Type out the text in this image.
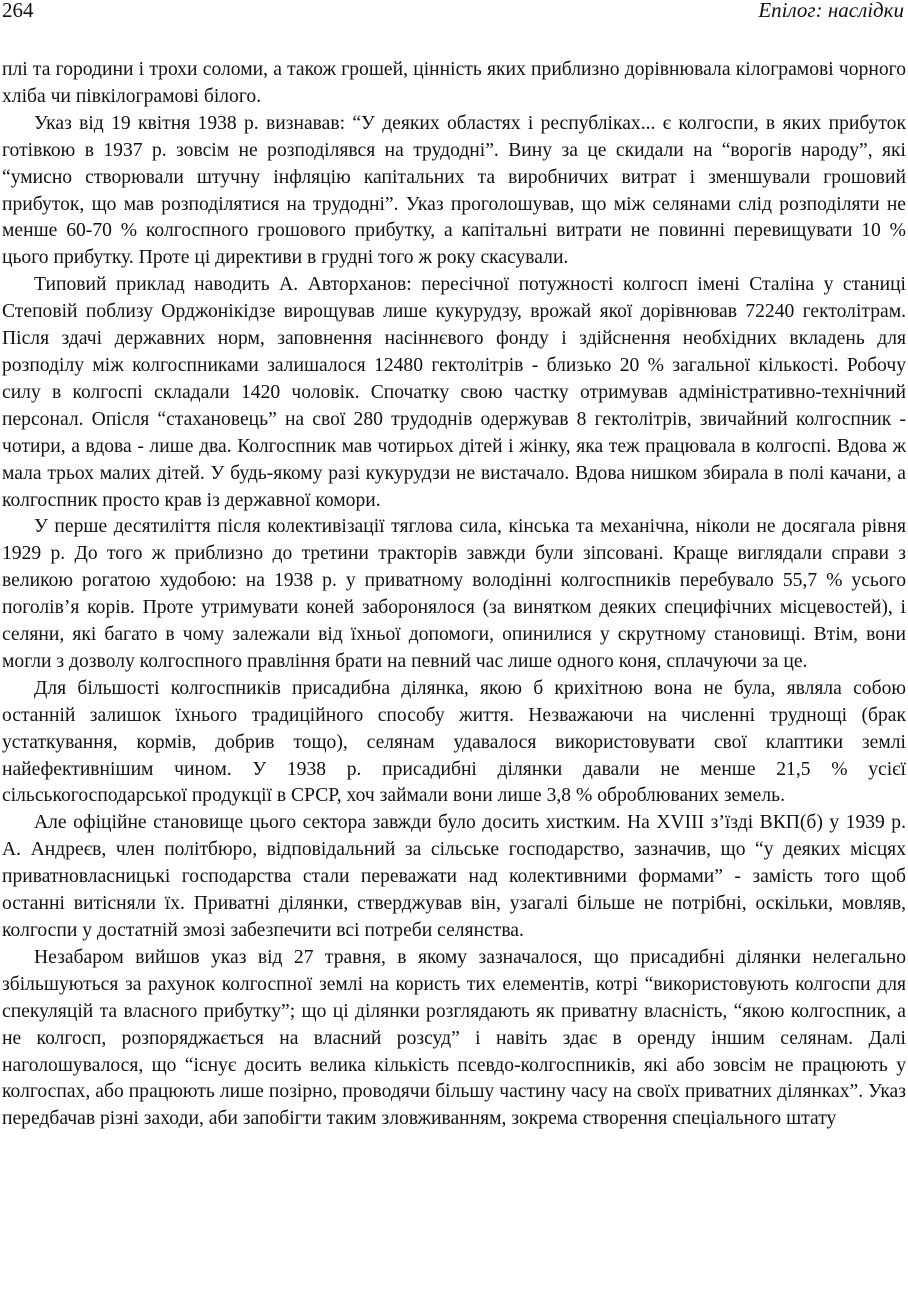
264	Епілог: наслідки

плі та городини і трохи соломи, а також грошей, цінність яких приблизно дорівнювала кілограмові чорного хліба чи півкілограмові білого.

Указ від 19 квітня 1938 р. визнавав: “У деяких областях і республіках... є колгоспи, в яких прибуток готівкою в 1937 р. зовсім не розподілявся на трудодні”. Вину за це скидали на “ворогів народу”, які “умисно створювали штучну інфляцію капітальних та виробничих витрат і зменшували грошовий прибуток, що мав розподілятися на трудодні”. Указ проголошував, що між селянами слід розподіляти не менше 60-70 % колгоспного грошового прибутку, а капітальні витрати не повинні перевищувати 10 % цього прибутку. Проте ці директиви в грудні того ж року скасували.

Типовий приклад наводить А. Авторханов: пересічної потужності колгосп імені Сталіна у станиці Степовій поблизу Орджонікідзе вирощував лише кукурудзу, врожай якої дорівнював 72240 гектолітрам. Після здачі державних норм, заповнення насіннєвого фонду і здійснення необхідних вкладень для розподілу між колгоспниками залишалося 12480 гектолітрів - близько 20 % загальної кількості. Робочу силу в колгоспі складали 1420 чоловік. Спочатку свою частку отримував адміністративно-технічний персонал. Опісля “стахановець” на свої 280 трудоднів одержував 8 гектолітрів, звичайний колгоспник - чотири, а вдова - лише два. Колгоспник мав чотирьох дітей і жінку, яка теж працювала в колгоспі. Вдова ж мала трьох малих дітей. У будь-якому разі кукурудзи не вистачало. Вдова нишком збирала в полі качани, а колгоспник просто крав із державної комори.

У перше десятиліття після колективізації тяглова сила, кінська та механічна, ніколи не досягала рівня 1929 р. До того ж приблизно до третини тракторів завжди були зіпсовані. Краще виглядали справи з великою рогатою худобою: на 1938 р. у приватному володінні колгоспників перебувало 55,7 % усього поголів’я корів. Проте утримувати коней заборонялося (за винятком деяких специфічних місцевостей), і селяни, які багато в чому залежали від їхньої допомоги, опинилися у скрутному становищі. Втім, вони могли з дозволу колгоспного правління брати на певний час лише одного коня, сплачуючи за це.

Для більшості колгоспників присадибна ділянка, якою б крихітною вона не була, являла собою останній залишок їхнього традиційного способу життя. Незважаючи на численні труднощі (брак устаткування, кормів, добрив тощо), селянам удавалося використовувати свої клаптики землі найефективнішим чином. У 1938 р. присадибні ділянки давали не менше 21,5 % усієї сільськогосподарської продукції в СРСР, хоч займали вони лише 3,8 % оброблюваних земель.

Але офіційне становище цього сектора завжди було досить хистким. На XVIII з’їзді ВКП(б) у 1939 р. А. Андреєв, член політбюро, відповідальний за сільське господарство, зазначив, що “у деяких місцях приватновласницькі господарства стали переважати над колективними формами” - замість того щоб останні витісняли їх. Приватні ділянки, стверджував він, узагалі більше не потрібні, оскільки, мовляв, колгоспи у достатній змозі забезпечити всі потреби селянства.

Незабаром вийшов указ від 27 травня, в якому зазначалося, що присадибні ділянки нелегально збільшуються за рахунок колгоспної землі на користь тих елементів, котрі “використовують колгоспи для спекуляцій та власного прибутку”; що ці ділянки розглядають як приватну власність, “якою колгоспник, а не колгосп, розпоряджається на власний розсуд” і навіть здає в оренду іншим селянам. Далі наголошувалося, що “існує досить велика кількість псевдо-колгоспників, які або зовсім не працюють у колгоспах, або працюють лише позірно, проводячи більшу частину часу на своїх приватних ділянках”. Указ передбачав різні заходи, аби запобігти таким зловживанням, зокрема створення спеціального штату
